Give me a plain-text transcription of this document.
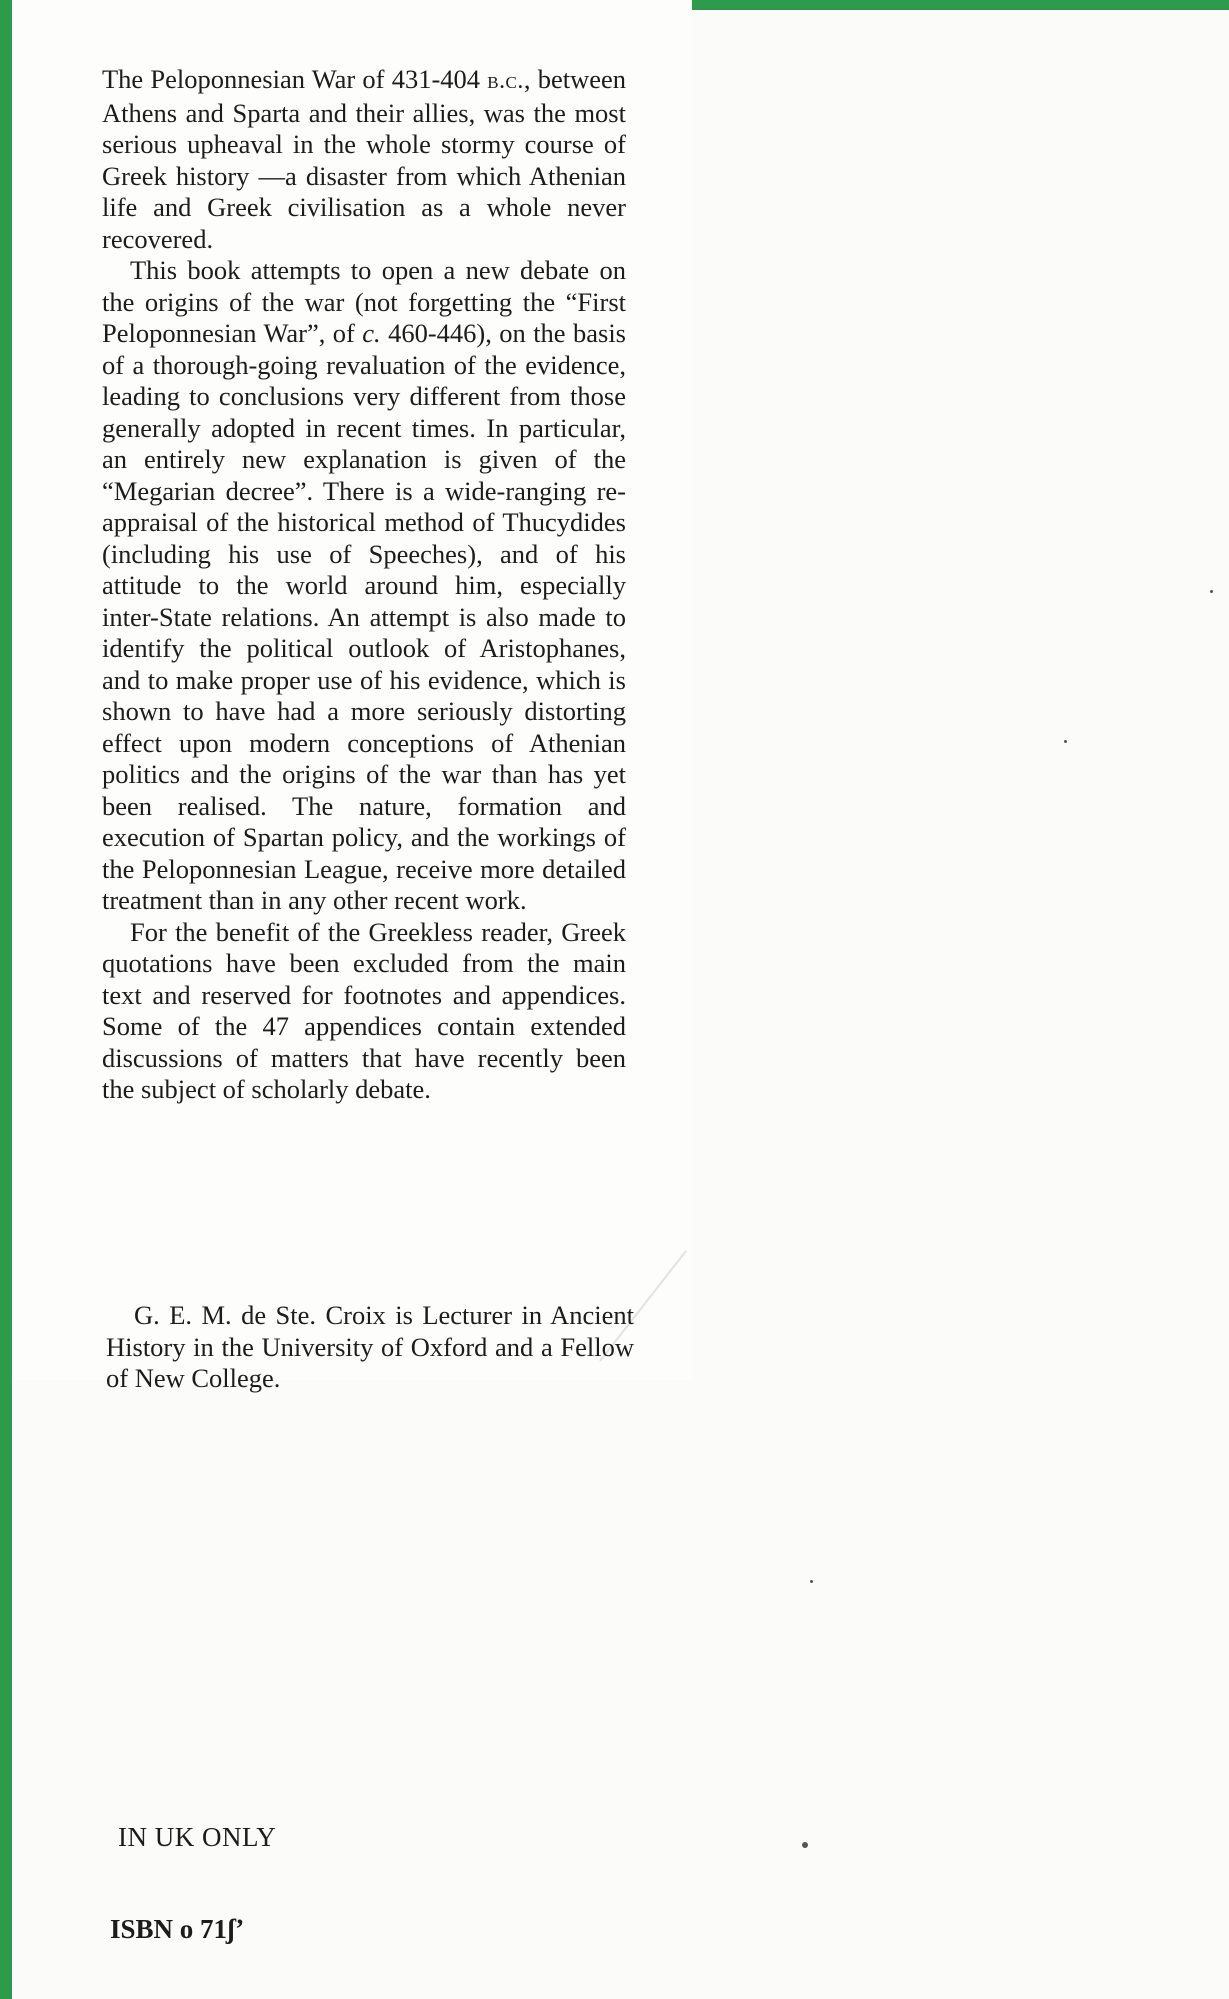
The Peloponnesian War of 431-404 b.c., between Athens and Sparta and their allies, was the most serious upheaval in the whole stormy course of Greek history —a disaster from which Athenian life and Greek civilisation as a whole never recovered.

This book attempts to open a new debate on the origins of the war (not forgetting the “First Peloponnesian War”, of c. 460-446), on the basis of a thorough-going revaluation of the evidence, leading to conclusions very different from those generally adopted in recent times. In particular, an entirely new explanation is given of the “Megarian decree”. There is a wide-ranging re-appraisal of the historical method of Thucydides (including his use of Speeches), and of his attitude to the world around him, especially inter-State relations. An attempt is also made to identify the political outlook of Aristophanes, and to make proper use of his evidence, which is shown to have had a more seriously distorting effect upon modern conceptions of Athenian politics and the origins of the war than has yet been realised. The nature, formation and execution of Spartan policy, and the workings of the Peloponnesian League, receive more detailed treatment than in any other recent work.

For the benefit of the Greekless reader, Greek quotations have been excluded from the main text and reserved for footnotes and appendices. Some of the 47 appendices contain extended discussions of matters that have recently been the subject of scholarly debate.

G. E. M. de Ste. Croix is Lecturer in Ancient History in the University of Oxford and a Fellow of New College.

IN UK ONLY
ISBN o 71ʃʼ
